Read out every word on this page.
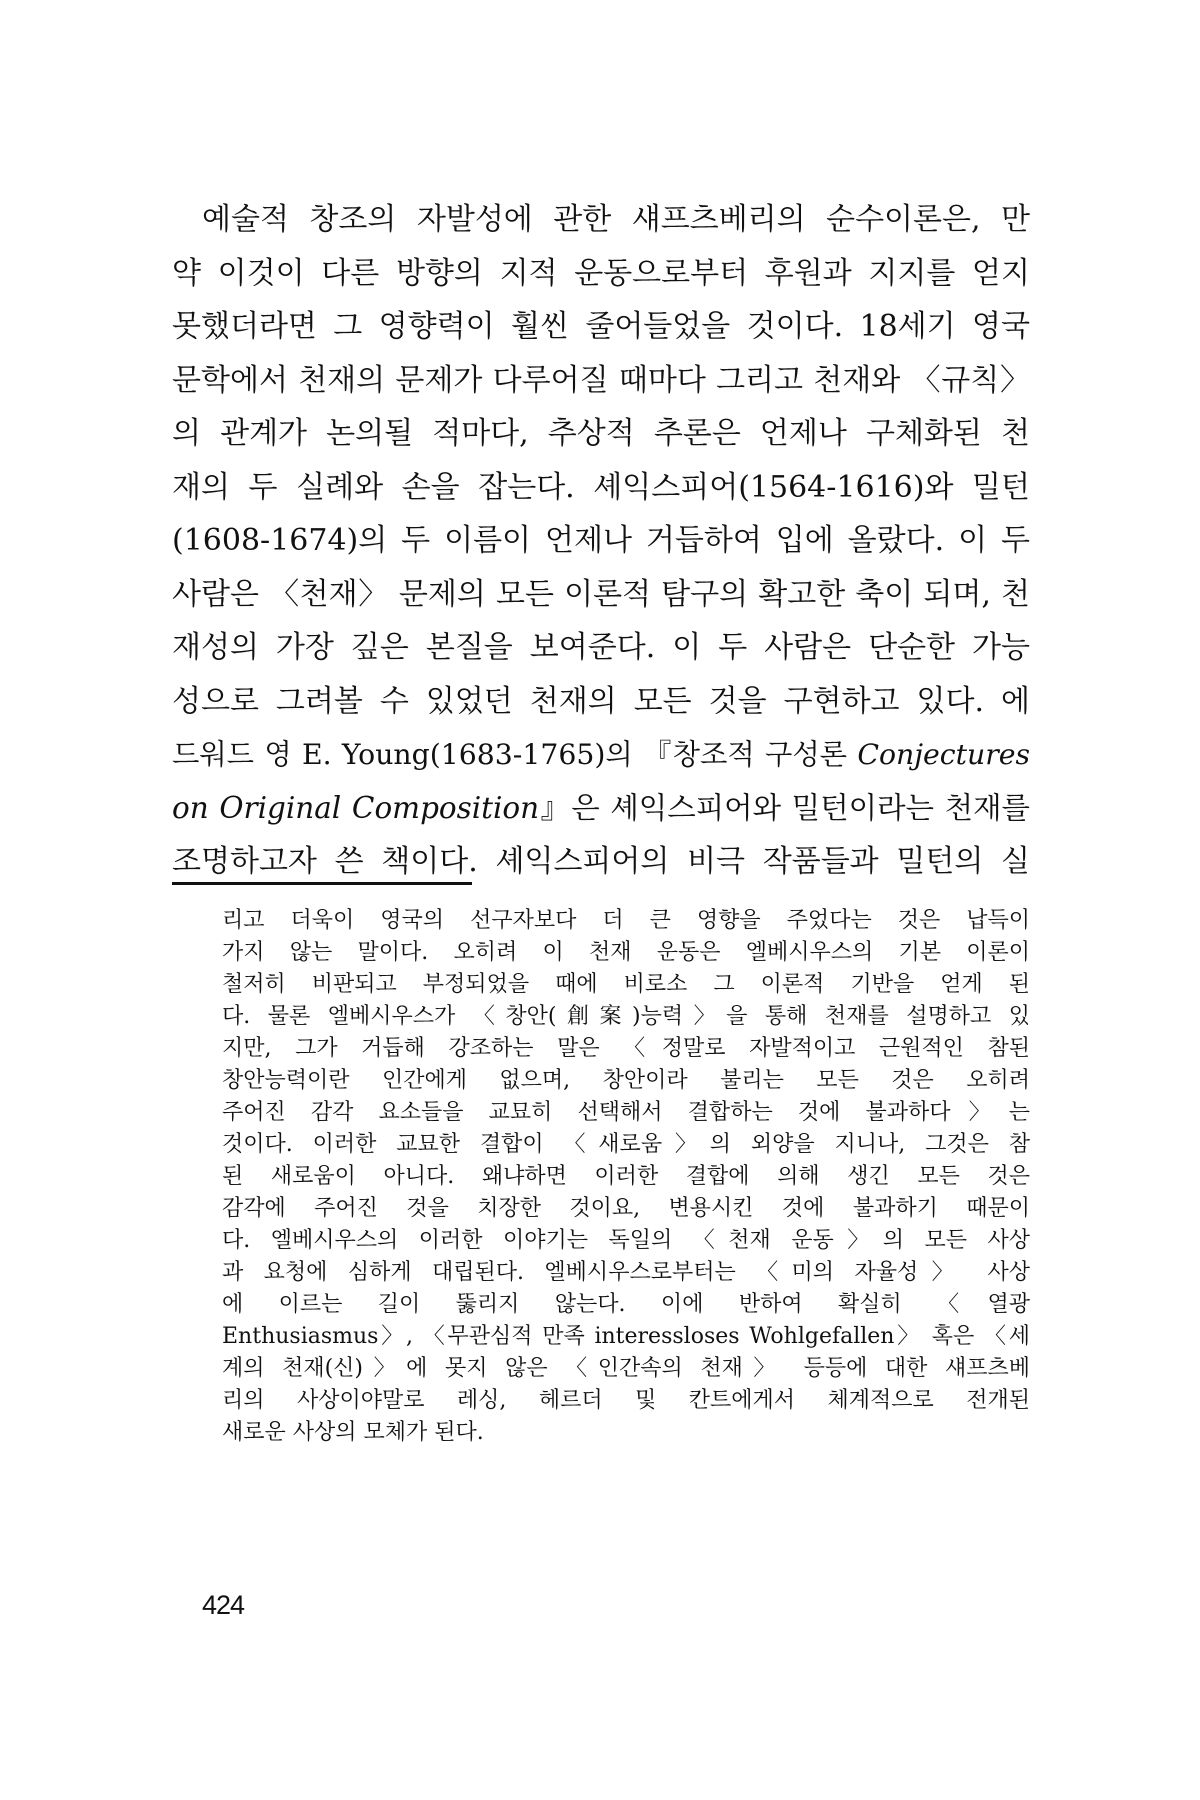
예술적 창조의 자발성에 관한 섀프츠베리의 순수이론은, 만
약 이것이 다른 방향의 지적 운동으로부터 후원과 지지를 얻지
못했더라면 그 영향력이 훨씬 줄어들었을 것이다. 18세기 영국
문학에서 천재의 문제가 다루어질 때마다 그리고 천재와 〈규칙〉
의 관계가 논의될 적마다, 추상적 추론은 언제나 구체화된 천
재의 두 실례와 손을 잡는다. 셰익스피어(1564-1616)와 밀턴
(1608-1674)의 두 이름이 언제나 거듭하여 입에 올랐다. 이 두
사람은 〈천재〉 문제의 모든 이론적 탐구의 확고한 축이 되며, 천
재성의 가장 깊은 본질을 보여준다. 이 두 사람은 단순한 가능
성으로 그려볼 수 있었던 천재의 모든 것을 구현하고 있다. 에
드워드 영 E. Young(1683-1765)의 『창조적 구성론 Conjectures
on Original Composition』은 셰익스피어와 밀턴이라는 천재를
조명하고자 쓴 책이다. 셰익스피어의 비극 작품들과 밀턴의 실
리고 더욱이 영국의 선구자보다 더 큰 영향을 주었다는 것은 납득이
가지 않는 말이다. 오히려 이 천재 운동은 엘베시우스의 기본 이론이
철저히 비판되고 부정되었을 때에 비로소 그 이론적 기반을 얻게 된
다. 물론 엘베시우스가 〈창안(創案)능력〉을 통해 천재를 설명하고 있
지만, 그가 거듭해 강조하는 말은 〈정말로 자발적이고 근원적인 참된
창안능력이란 인간에게 없으며, 창안이라 불리는 모든 것은 오히려
주어진 감각 요소들을 교묘히 선택해서 결합하는 것에 불과하다〉는
것이다. 이러한 교묘한 결합이 〈새로움〉의 외양을 지니나, 그것은 참
된 새로움이 아니다. 왜냐하면 이러한 결합에 의해 생긴 모든 것은
감각에 주어진 것을 치장한 것이요, 변용시킨 것에 불과하기 때문이
다. 엘베시우스의 이러한 이야기는 독일의 〈천재 운동〉의 모든 사상
과 요청에 심하게 대립된다. 엘베시우스로부터는 〈미의 자율성〉 사상
에 이르는 길이 뚫리지 않는다. 이에 반하여 확실히 〈열광
Enthusiasmus〉, 〈무관심적 만족 interessloses Wohlgefallen〉 혹은 〈세
계의 천재(신)〉에 못지 않은 〈인간속의 천재〉 등등에 대한 섀프츠베
리의 사상이야말로 레싱, 헤르더 및 칸트에게서 체계적으로 전개된
새로운 사상의 모체가 된다.
424
